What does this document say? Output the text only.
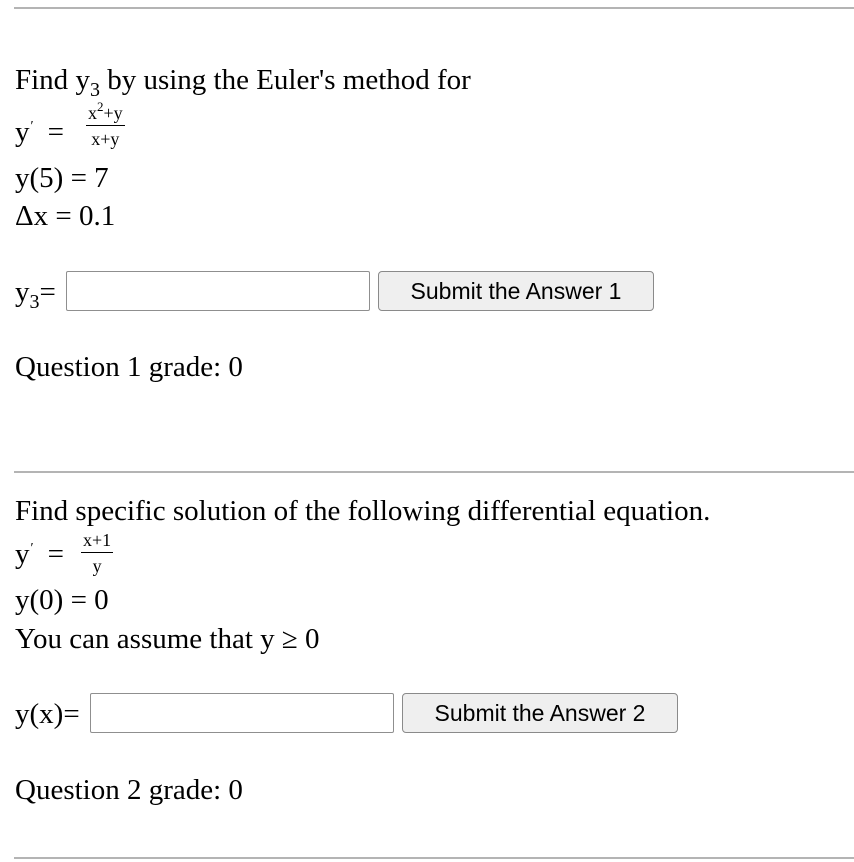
Find $y_3$ by using the Euler's method for
y′ =
$x^2+y$
x+y
y(5) = 7
Δx = 0.1
$y_3=$	Submit the Answer 1
Question 1 grade: 0
Find specific solution of the following differential equation.
y′ = x+1
y
y(0) = 0
You can assume that y ≥ 0
y(x)=	Submit the Answer 2
Question 2 grade: 0
